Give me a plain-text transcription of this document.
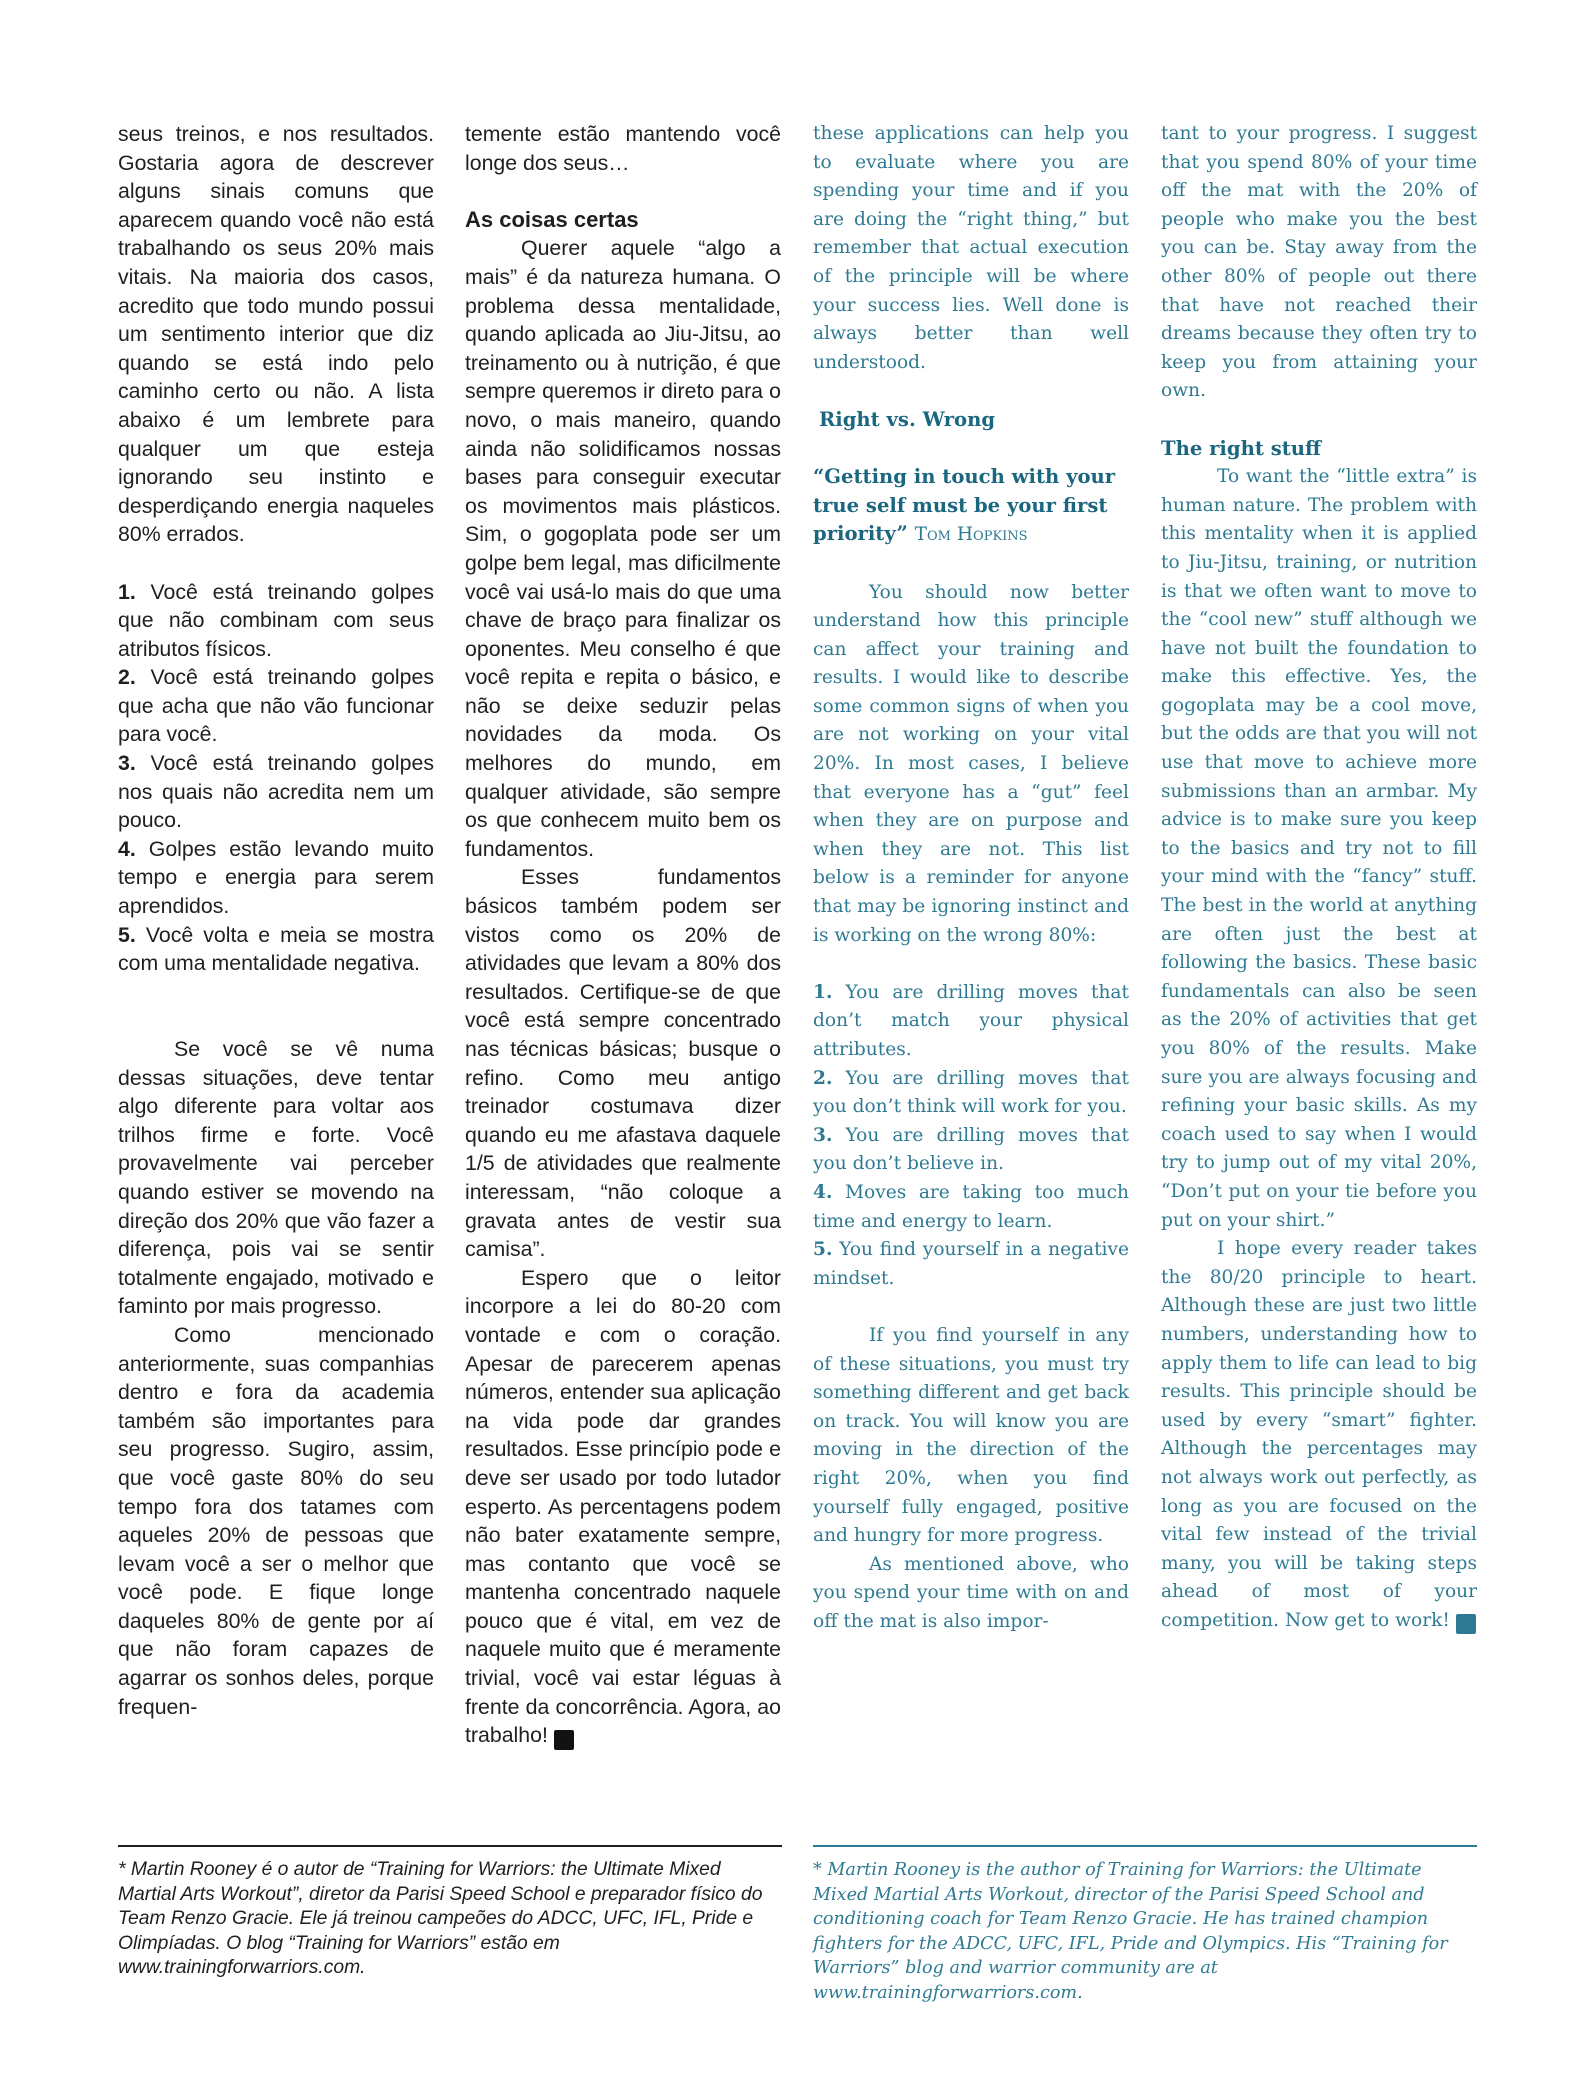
seus treinos, e nos resultados. Gostaria agora de descrever alguns sinais comuns que aparecem quando você não está trabalhando os seus 20% mais vitais. Na maioria dos casos, acredito que todo mundo possui um sentimento interior que diz quando se está indo pelo caminho certo ou não. A lista abaixo é um lembrete para qualquer um que esteja ignorando seu instinto e desperdiçando energia naqueles 80% errados.

1. Você está treinando golpes que não combinam com seus atributos físicos.
2. Você está treinando golpes que acha que não vão funcionar para você.
3. Você está treinando golpes nos quais não acredita nem um pouco.
4. Golpes estão levando muito tempo e energia para serem aprendidos.
5. Você volta e meia se mostra com uma mentalidade negativa.

Se você se vê numa dessas situações, deve tentar algo diferente para voltar aos trilhos firme e forte. Você provavelmente vai perceber quando estiver se movendo na direção dos 20% que vão fazer a diferença, pois vai se sentir totalmente engajado, motivado e faminto por mais progresso.

Como mencionado anteriormente, suas companhias dentro e fora da academia também são importantes para seu progresso. Sugiro, assim, que você gaste 80% do seu tempo fora dos tatames com aqueles 20% de pessoas que levam você a ser o melhor que você pode. E fique longe daqueles 80% de gente por aí que não foram capazes de agarrar os sonhos deles, porque frequen-

temente estão mantendo você longe dos seus…

As coisas certas

Querer aquele “algo a mais” é da natureza humana. O problema dessa mentalidade, quando aplicada ao Jiu-Jitsu, ao treinamento ou à nutrição, é que sempre queremos ir direto para o novo, o mais maneiro, quando ainda não solidificamos nossas bases para conseguir executar os movimentos mais plásticos. Sim, o gogoplata pode ser um golpe bem legal, mas dificilmente você vai usá-lo mais do que uma chave de braço para finalizar os oponentes. Meu conselho é que você repita e repita o básico, e não se deixe seduzir pelas novidades da moda. Os melhores do mundo, em qualquer atividade, são sempre os que conhecem muito bem os fundamentos.

Esses fundamentos básicos também podem ser vistos como os 20% de atividades que levam a 80% dos resultados. Certifique-se de que você está sempre concentrado nas técnicas básicas; busque o refino. Como meu antigo treinador costumava dizer quando eu me afastava daquele 1/5 de atividades que realmente interessam, “não coloque a gravata antes de vestir sua camisa”.

Espero que o leitor incorpore a lei do 80-20 com vontade e com o coração. Apesar de parecerem apenas números, entender sua aplicação na vida pode dar grandes resultados. Esse princípio pode e deve ser usado por todo lutador esperto. As percentagens podem não bater exatamente sempre, mas contanto que você se mantenha concentrado naquele pouco que é vital, em vez de naquele muito que é meramente trivial, você vai estar léguas à frente da concorrência. Agora, ao trabalho!	G

these applications can help you to evaluate where you are spending your time and if you are doing the “right thing,” but remember that actual execution of the principle will be where your success lies. Well done is always better than well understood.

Right vs. Wrong

“Getting in touch with your true self must be your first priority” Tom Hopkins

You should now better understand how this principle can affect your training and results. I would like to describe some common signs of when you are not working on your vital 20%. In most cases, I believe that everyone has a “gut” feel when they are on purpose and when they are not. This list below is a reminder for anyone that may be ignoring instinct and is working on the wrong 80%:

1. You are drilling moves that don’t match your physical attributes.
2. You are drilling moves that you don’t think will work for you.
3. You are drilling moves that you don’t believe in.
4. Moves are taking too much time and energy to learn.
5. You find yourself in a negative mindset.

If you find yourself in any of these situations, you must try something different and get back on track. You will know you are moving in the direction of the right 20%, when you find yourself fully engaged, positive and hungry for more progress.

As mentioned above, who you spend your time with on and off the mat is also impor-

tant to your progress. I suggest that you spend 80% of your time off the mat with the 20% of people who make you the best you can be. Stay away from the other 80% of people out there that have not reached their dreams because they often try to keep you from attaining your own.

The right stuff

To want the “little extra” is human nature. The problem with this mentality when it is applied to Jiu-Jitsu, training, or nutrition is that we often want to move to the “cool new” stuff although we have not built the foundation to make this effective. Yes, the gogoplata may be a cool move, but the odds are that you will not use that move to achieve more submissions than an armbar. My advice is to make sure you keep to the basics and try not to fill your mind with the “fancy” stuff. The best in the world at anything are often just the best at following the basics. These basic fundamentals can also be seen as the 20% of activities that get you 80% of the results. Make sure you are always focusing and refining your basic skills. As my coach used to say when I would try to jump out of my vital 20%, “Don’t put on your tie before you put on your shirt.”

I hope every reader takes the 80/20 principle to heart. Although these are just two little numbers, understanding how to apply them to life can lead to big results. This principle should be used by every “smart” fighter. Although the percentages may not always work out perfectly, as long as you are focused on the vital few instead of the trivial many, you will be taking steps ahead of most of your competition. Now get to work!	G

* Martin Rooney é o autor de “Training for Warriors: the Ultimate Mixed Martial Arts Workout”, diretor da Parisi Speed School e preparador físico do Team Renzo Gracie. Ele já treinou campeões do ADCC, UFC, IFL, Pride e Olimpíadas. O blog “Training for Warriors” estão em www.trainingforwarriors.com.
* Martin Rooney is the author of Training for Warriors: the Ultimate Mixed Martial Arts Workout, director of the Parisi Speed School and conditioning coach for Team Renzo Gracie. He has trained champion fighters for the ADCC, UFC, IFL, Pride and Olympics. His “Training for Warriors” blog and warrior community are at www.trainingforwarriors.com.
